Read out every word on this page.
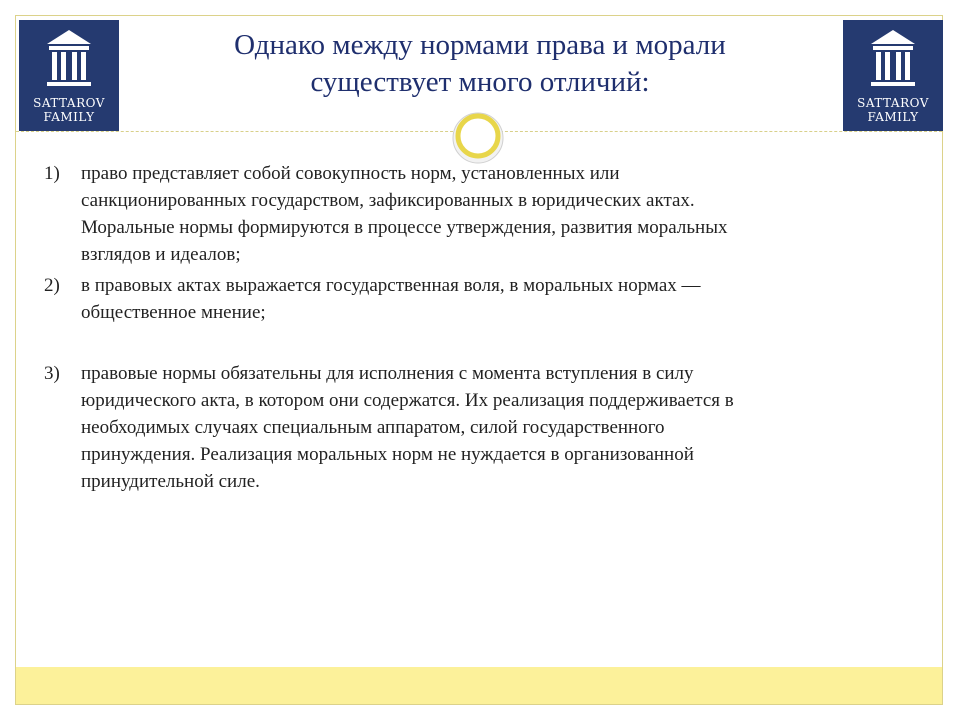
SATTAROV
FAMILY
SATTAROV
FAMILY
Однако между нормами права и морали
существует много отличий:
1) право представляет собой совокупность норм, установленных или
санкционированных государством, зафиксированных в юридических актах.
Моральные нормы формируются в процессе утверждения, развития моральных
взглядов и идеалов;
2) в правовых актах выражается государственная воля, в моральных нормах —
общественное мнение;
3) правовые нормы обязательны для исполнения с момента вступления в силу
юридического акта, в котором они содержатся. Их реализация поддерживается в
необходимых случаях специальным аппаратом, силой государственного
принуждения. Реализация моральных норм не нуждается в организованной
принудительной силе.
